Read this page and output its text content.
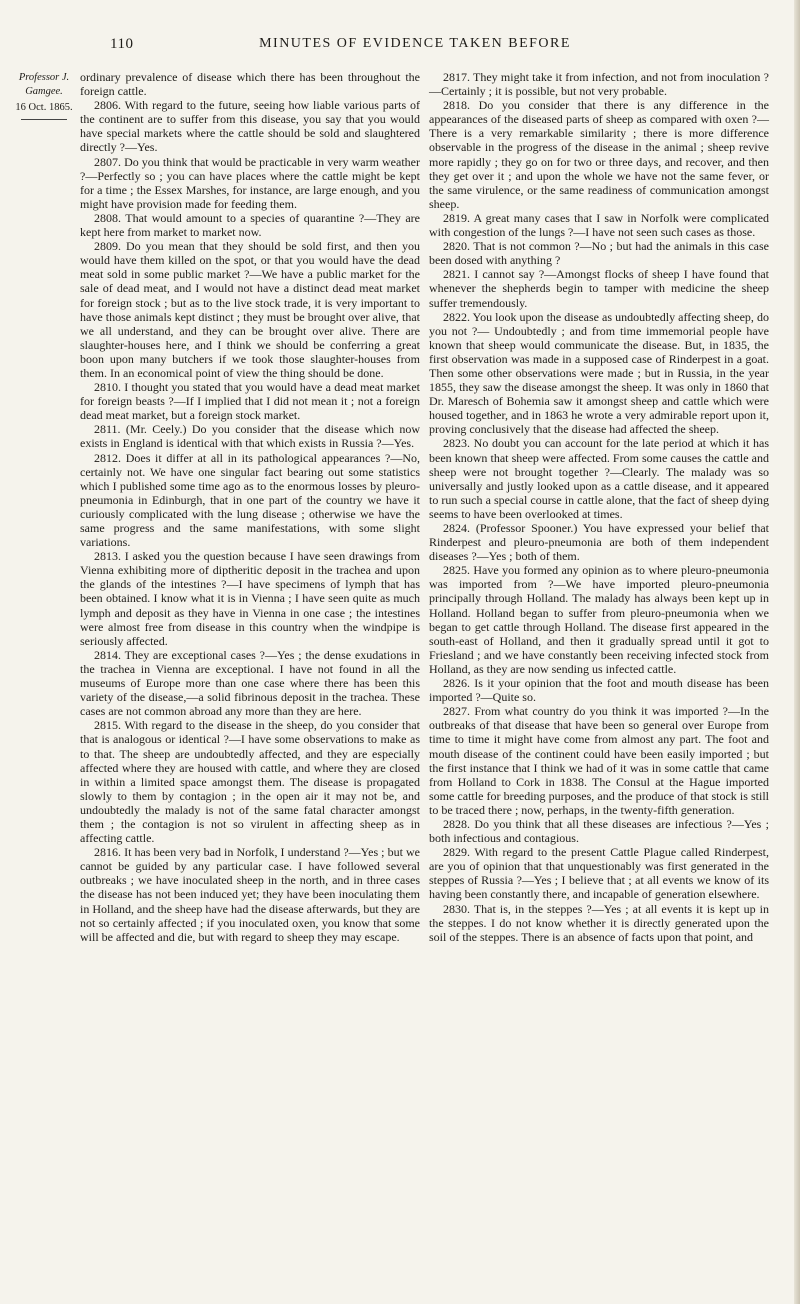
110	MINUTES OF EVIDENCE TAKEN BEFORE
Professor J. Gamgee.
16 Oct. 1865.

ordinary prevalence of disease which there has been throughout the foreign cattle.

2806. With regard to the future, seeing how liable various parts of the continent are to suffer from this disease, you say that you would have special markets where the cattle should be sold and slaughtered directly ?—Yes.

2807. Do you think that would be practicable in very warm weather ?—Perfectly so ; you can have places where the cattle might be kept for a time ; the Essex Marshes, for instance, are large enough, and you might have provision made for feeding them.

2808. That would amount to a species of quarantine ?—They are kept here from market to market now.

2809. Do you mean that they should be sold first, and then you would have them killed on the spot, or that you would have the dead meat sold in some public market ?—We have a public market for the sale of dead meat, and I would not have a distinct dead meat market for foreign stock ; but as to the live stock trade, it is very important to have those animals kept distinct ; they must be brought over alive, that we all understand, and they can be brought over alive. There are slaughter-houses here, and I think we should be conferring a great boon upon many butchers if we took those slaughter-houses from them. In an economical point of view the thing should be done.

2810. I thought you stated that you would have a dead meat market for foreign beasts ?—If I implied that I did not mean it ; not a foreign dead meat market, but a foreign stock market.

2811. (Mr. Ceely.) Do you consider that the disease which now exists in England is identical with that which exists in Russia ?—Yes.

2812. Does it differ at all in its pathological appearances ?—No, certainly not. We have one singular fact bearing out some statistics which I published some time ago as to the enormous losses by pleuro-pneumonia in Edinburgh, that in one part of the country we have it curiously complicated with the lung disease ; otherwise we have the same progress and the same manifestations, with some slight variations.

2813. I asked you the question because I have seen drawings from Vienna exhibiting more of diptheritic deposit in the trachea and upon the glands of the intestines ?—I have specimens of lymph that has been obtained. I know what it is in Vienna ; I have seen quite as much lymph and deposit as they have in Vienna in one case ; the intestines were almost free from disease in this country when the windpipe is seriously affected.

2814. They are exceptional cases ?—Yes ; the dense exudations in the trachea in Vienna are exceptional. I have not found in all the museums of Europe more than one case where there has been this variety of the disease,—a solid fibrinous deposit in the trachea. These cases are not common abroad any more than they are here.

2815. With regard to the disease in the sheep, do you consider that that is analogous or identical ?—I have some observations to make as to that. The sheep are undoubtedly affected, and they are especially affected where they are housed with cattle, and where they are closed in within a limited space amongst them. The disease is propagated slowly to them by contagion ; in the open air it may not be, and undoubtedly the malady is not of the same fatal character amongst them ; the contagion is not so virulent in affecting sheep as in affecting cattle.

2816. It has been very bad in Norfolk, I understand ?—Yes ; but we cannot be guided by any particular case. I have followed several outbreaks ; we have inoculated sheep in the north, and in three cases the disease has not been induced yet; they have been inoculating them in Holland, and the sheep have had the disease afterwards, but they are not so certainly affected ; if you inoculated oxen, you know that some will be affected and die, but with regard to sheep they may escape.

2817. They might take it from infection, and not from inoculation ?—Certainly ; it is possible, but not very probable.

2818. Do you consider that there is any difference in the appearances of the diseased parts of sheep as compared with oxen ?—There is a very remarkable similarity ; there is more difference observable in the progress of the disease in the animal ; sheep revive more rapidly ; they go on for two or three days, and recover, and then they get over it ; and upon the whole we have not the same fever, or the same virulence, or the same readiness of communication amongst sheep.

2819. A great many cases that I saw in Norfolk were complicated with congestion of the lungs ?—I have not seen such cases as those.

2820. That is not common ?—No ; but had the animals in this case been dosed with anything ?

2821. I cannot say ?—Amongst flocks of sheep I have found that whenever the shepherds begin to tamper with medicine the sheep suffer tremendously.

2822. You look upon the disease as undoubtedly affecting sheep, do you not ?— Undoubtedly ; and from time immemorial people have known that sheep would communicate the disease. But, in 1835, the first observation was made in a supposed case of Rinderpest in a goat. Then some other observations were made ; but in Russia, in the year 1855, they saw the disease amongst the sheep. It was only in 1860 that Dr. Maresch of Bohemia saw it amongst sheep and cattle which were housed together, and in 1863 he wrote a very admirable report upon it, proving conclusively that the disease had affected the sheep.

2823. No doubt you can account for the late period at which it has been known that sheep were affected. From some causes the cattle and sheep were not brought together ?—Clearly. The malady was so universally and justly looked upon as a cattle disease, and it appeared to run such a special course in cattle alone, that the fact of sheep dying seems to have been overlooked at times.

2824. (Professor Spooner.) You have expressed your belief that Rinderpest and pleuro-pneumonia are both of them independent diseases ?—Yes ; both of them.

2825. Have you formed any opinion as to where pleuro-pneumonia was imported from ?—We have imported pleuro-pneumonia principally through Holland. The malady has always been kept up in Holland. Holland began to suffer from pleuro-pneumonia when we began to get cattle through Holland. The disease first appeared in the south-east of Holland, and then it gradually spread until it got to Friesland ; and we have constantly been receiving infected stock from Holland, as they are now sending us infected cattle.

2826. Is it your opinion that the foot and mouth disease has been imported ?—Quite so.

2827. From what country do you think it was imported ?—In the outbreaks of that disease that have been so general over Europe from time to time it might have come from almost any part. The foot and mouth disease of the continent could have been easily imported ; but the first instance that I think we had of it was in some cattle that came from Holland to Cork in 1838. The Consul at the Hague imported some cattle for breeding purposes, and the produce of that stock is still to be traced there ; now, perhaps, in the twenty-fifth generation.

2828. Do you think that all these diseases are infectious ?—Yes ; both infectious and contagious.

2829. With regard to the present Cattle Plague called Rinderpest, are you of opinion that that unquestionably was first generated in the steppes of Russia ?—Yes ; I believe that ; at all events we know of its having been constantly there, and incapable of generation elsewhere.

2830. That is, in the steppes ?—Yes ; at all events it is kept up in the steppes. I do not know whether it is directly generated upon the soil of the steppes. There is an absence of facts upon that point, and
